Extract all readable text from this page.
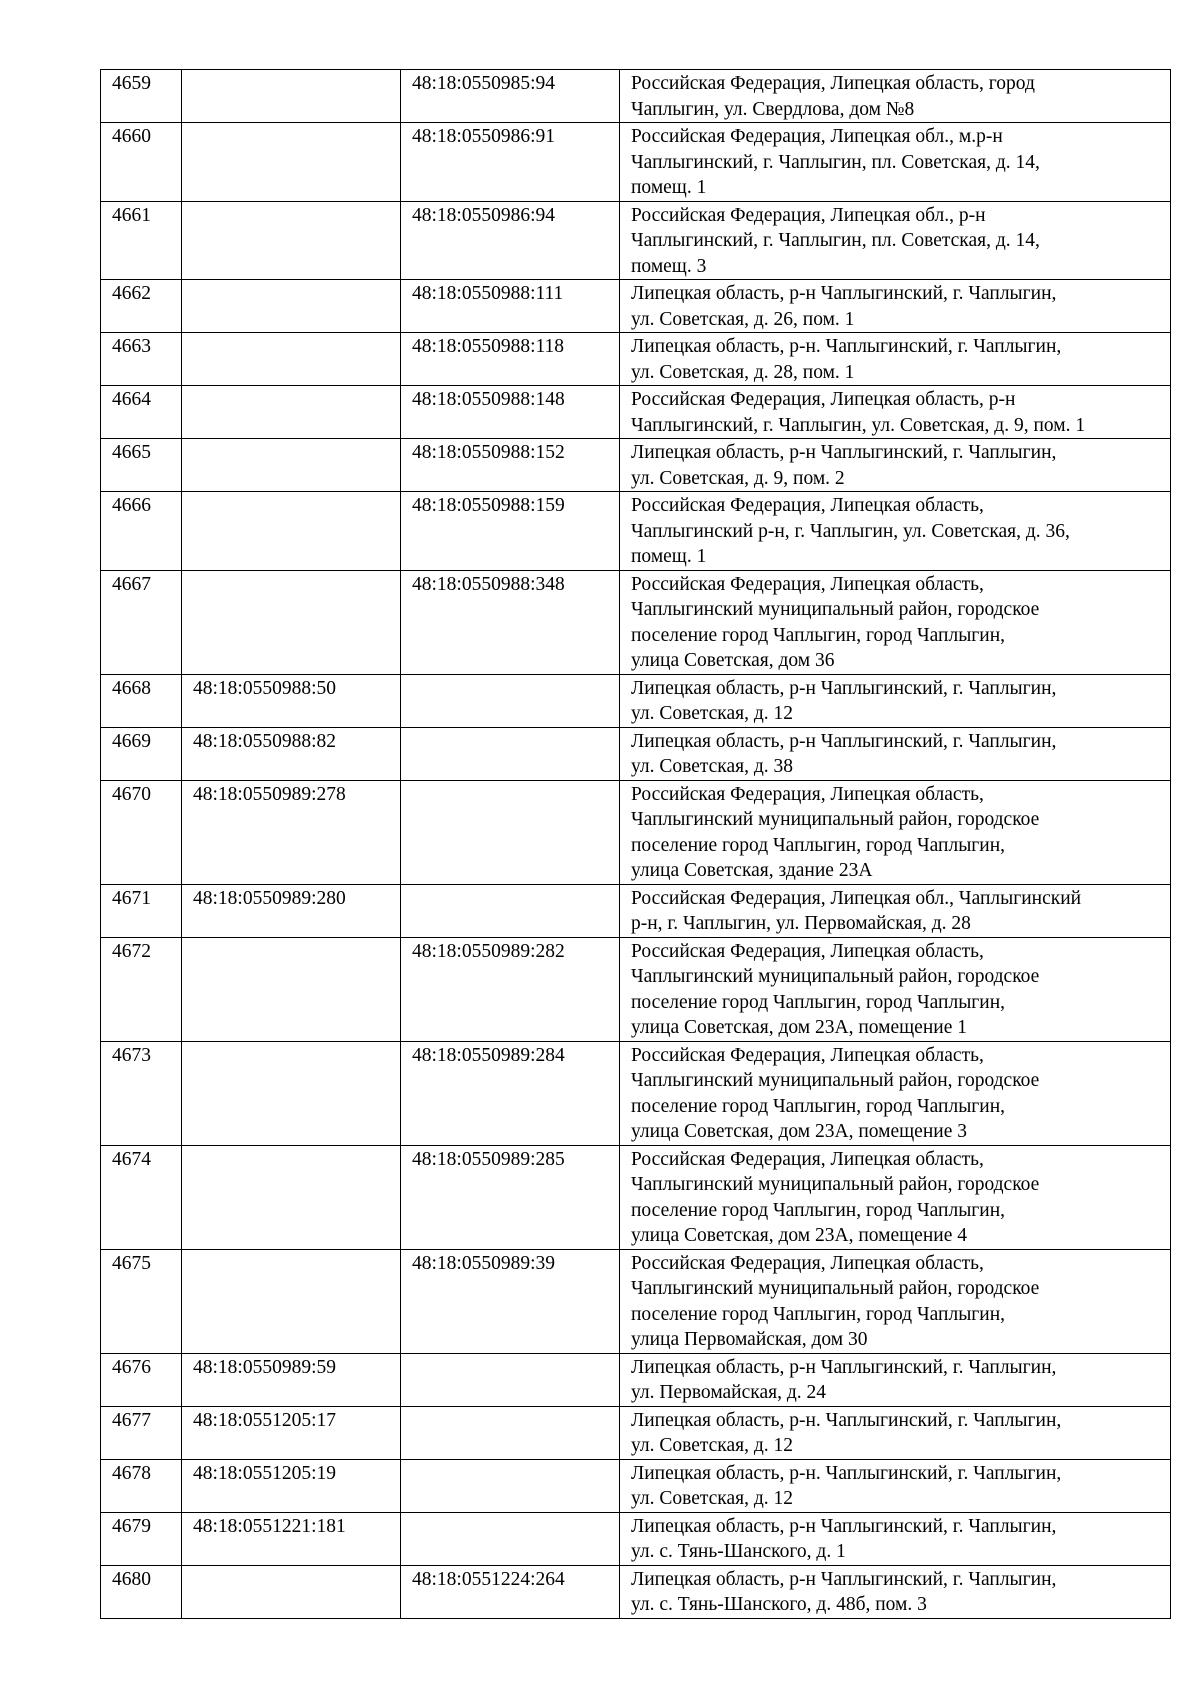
4659		48:18:0550985:94	Российская Федерация, Липецкая область, город
Чаплыгин, ул. Свердлова, дом №8
4660		48:18:0550986:91	Российская Федерация, Липецкая обл., м.р-н
Чаплыгинский, г. Чаплыгин, пл. Советская, д. 14,
помещ. 1
4661		48:18:0550986:94	Российская Федерация, Липецкая обл., р-н
Чаплыгинский, г. Чаплыгин, пл. Советская, д. 14,
помещ. 3
4662		48:18:0550988:111	Липецкая область, р-н Чаплыгинский, г. Чаплыгин,
ул. Советская, д. 26, пом. 1
4663		48:18:0550988:118	Липецкая область, р-н. Чаплыгинский, г. Чаплыгин,
ул. Советская, д. 28, пом. 1
4664		48:18:0550988:148	Российская Федерация, Липецкая область, р-н
Чаплыгинский, г. Чаплыгин, ул. Советская, д. 9, пом. 1
4665		48:18:0550988:152	Липецкая область, р-н Чаплыгинский, г. Чаплыгин,
ул. Советская, д. 9, пом. 2
4666		48:18:0550988:159	Российская Федерация, Липецкая область,
Чаплыгинский р-н, г. Чаплыгин, ул. Советская, д. 36,
помещ. 1
4667		48:18:0550988:348	Российская Федерация, Липецкая область,
Чаплыгинский муниципальный район, городское
поселение город Чаплыгин, город Чаплыгин,
улица Советская, дом 36
4668	48:18:0550988:50		Липецкая область, р-н Чаплыгинский, г. Чаплыгин,
ул. Советская, д. 12
4669	48:18:0550988:82		Липецкая область, р-н Чаплыгинский, г. Чаплыгин,
ул. Советская, д. 38
4670	48:18:0550989:278		Российская Федерация, Липецкая область,
Чаплыгинский муниципальный район, городское
поселение город Чаплыгин, город Чаплыгин,
улица Советская, здание 23А
4671	48:18:0550989:280		Российская Федерация, Липецкая обл., Чаплыгинский
р-н, г. Чаплыгин, ул. Первомайская, д. 28
4672		48:18:0550989:282	Российская Федерация, Липецкая область,
Чаплыгинский муниципальный район, городское
поселение город Чаплыгин, город Чаплыгин,
улица Советская, дом 23А, помещение 1
4673		48:18:0550989:284	Российская Федерация, Липецкая область,
Чаплыгинский муниципальный район, городское
поселение город Чаплыгин, город Чаплыгин,
улица Советская, дом 23А, помещение 3
4674		48:18:0550989:285	Российская Федерация, Липецкая область,
Чаплыгинский муниципальный район, городское
поселение город Чаплыгин, город Чаплыгин,
улица Советская, дом 23А, помещение 4
4675		48:18:0550989:39	Российская Федерация, Липецкая область,
Чаплыгинский муниципальный район, городское
поселение город Чаплыгин, город Чаплыгин,
улица Первомайская, дом 30
4676	48:18:0550989:59		Липецкая область, р-н Чаплыгинский, г. Чаплыгин,
ул. Первомайская, д. 24
4677	48:18:0551205:17		Липецкая область, р-н. Чаплыгинский, г. Чаплыгин,
ул. Советская, д. 12
4678	48:18:0551205:19		Липецкая область, р-н. Чаплыгинский, г. Чаплыгин,
ул. Советская, д. 12
4679	48:18:0551221:181		Липецкая область, р-н Чаплыгинский, г. Чаплыгин,
ул. с. Тянь-Шанского, д. 1
4680		48:18:0551224:264	Липецкая область, р-н Чаплыгинский, г. Чаплыгин,
ул. с. Тянь-Шанского, д. 48б, пом. 3
